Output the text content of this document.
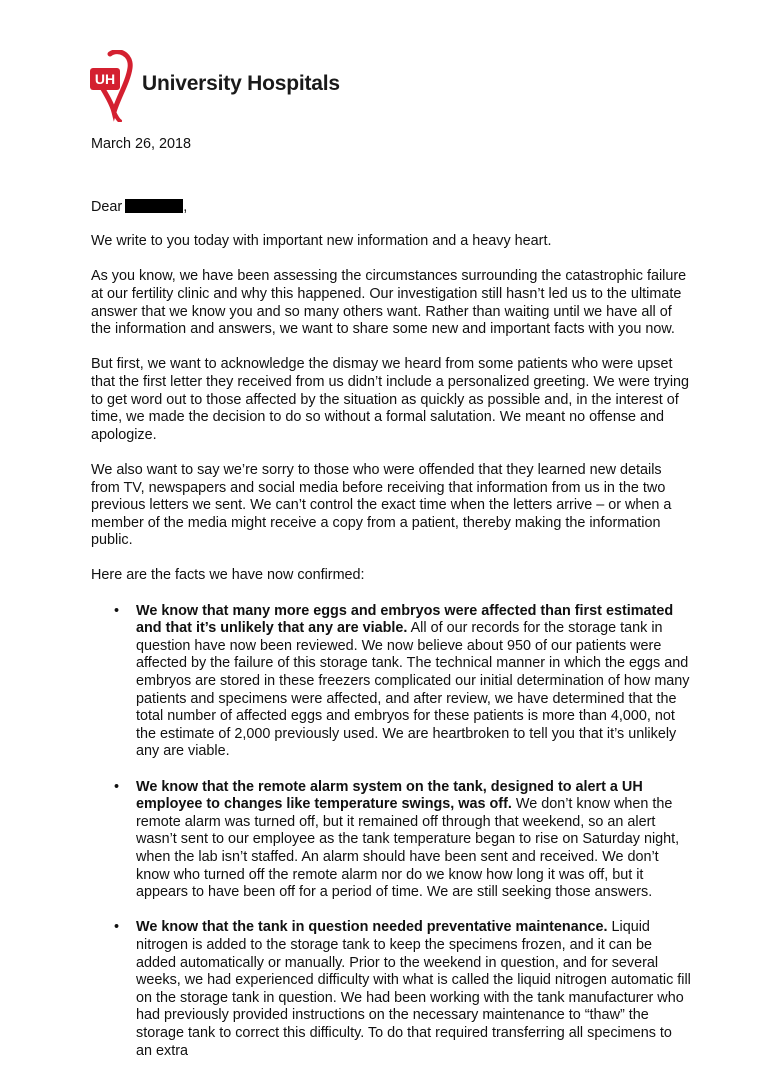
UH University Hospitals

March 26, 2018

Dear	,

We write to you today with important new information and a heavy heart.

As you know, we have been assessing the circumstances surrounding the catastrophic failure at our fertility clinic and why this happened. Our investigation still hasn’t led us to the ultimate answer that we know you and so many others want. Rather than waiting until we have all of the information and answers, we want to share some new and important facts with you now.

But first, we want to acknowledge the dismay we heard from some patients who were upset that the first letter they received from us didn’t include a personalized greeting. We were trying to get word out to those affected by the situation as quickly as possible and, in the interest of time, we made the decision to do so without a formal salutation. We meant no offense and apologize.

We also want to say we’re sorry to those who were offended that they learned new details from TV, newspapers and social media before receiving that information from us in the two previous letters we sent. We can’t control the exact time when the letters arrive – or when a member of the media might receive a copy from a patient, thereby making the information public.

Here are the facts we have now confirmed:

• We know that many more eggs and embryos were affected than first estimated and that it’s unlikely that any are viable. All of our records for the storage tank in question have now been reviewed. We now believe about 950 of our patients were affected by the failure of this storage tank. The technical manner in which the eggs and embryos are stored in these freezers complicated our initial determination of how many patients and specimens were affected, and after review, we have determined that the total number of affected eggs and embryos for these patients is more than 4,000, not the estimate of 2,000 previously used. We are heartbroken to tell you that it’s unlikely any are viable.
• We know that the remote alarm system on the tank, designed to alert a UH employee to changes like temperature swings, was off. We don’t know when the remote alarm was turned off, but it remained off through that weekend, so an alert wasn’t sent to our employee as the tank temperature began to rise on Saturday night, when the lab isn’t staffed. An alarm should have been sent and received. We don’t know who turned off the remote alarm nor do we know how long it was off, but it appears to have been off for a period of time. We are still seeking those answers.
• We know that the tank in question needed preventative maintenance. Liquid nitrogen is added to the storage tank to keep the specimens frozen, and it can be added automatically or manually. Prior to the weekend in question, and for several weeks, we had experienced difficulty with what is called the liquid nitrogen automatic fill on the storage tank in question. We had been working with the tank manufacturer who had previously provided instructions on the necessary maintenance to “thaw” the storage tank to correct this difficulty. To do that required transferring all specimens to an extra
